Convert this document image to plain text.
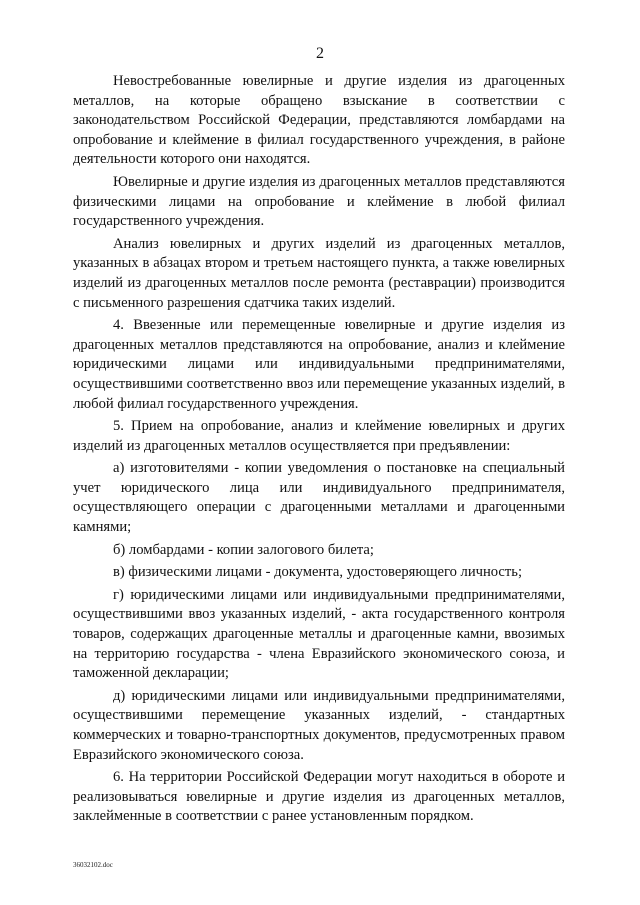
2

Невостребованные ювелирные и другие изделия из драгоценных металлов, на которые обращено взыскание в соответствии с законодательством Российской Федерации, представляются ломбардами на опробование и клеймение в филиал государственного учреждения, в районе деятельности которого они находятся.

Ювелирные и другие изделия из драгоценных металлов представляются физическими лицами на опробование и клеймение в любой филиал государственного учреждения.

Анализ ювелирных и других изделий из драгоценных металлов, указанных в абзацах втором и третьем настоящего пункта, а также ювелирных изделий из драгоценных металлов после ремонта (реставрации) производится с письменного разрешения сдатчика таких изделий.

4. Ввезенные или перемещенные ювелирные и другие изделия из драгоценных металлов представляются на опробование, анализ и клеймение юридическими лицами или индивидуальными предпринимателями, осуществившими соответственно ввоз или перемещение указанных изделий, в любой филиал государственного учреждения.

5. Прием на опробование, анализ и клеймение ювелирных и других изделий из драгоценных металлов осуществляется при предъявлении:

а) изготовителями - копии уведомления о постановке на специальный учет юридического лица или индивидуального предпринимателя, осуществляющего операции с драгоценными металлами и драгоценными камнями;

б) ломбардами - копии залогового билета;

в) физическими лицами - документа, удостоверяющего личность;

г) юридическими лицами или индивидуальными предпринимателями, осуществившими ввоз указанных изделий, - акта государственного контроля товаров, содержащих драгоценные металлы и драгоценные камни, ввозимых на территорию государства - члена Евразийского экономического союза, и таможенной декларации;

д) юридическими лицами или индивидуальными предпринимателями, осуществившими перемещение указанных изделий, - стандартных коммерческих и товарно-транспортных документов, предусмотренных правом Евразийского экономического союза.

6. На территории Российской Федерации могут находиться в обороте и реализовываться ювелирные и другие изделия из драгоценных металлов, заклейменные в соответствии с ранее установленным порядком.

36032102.doc
